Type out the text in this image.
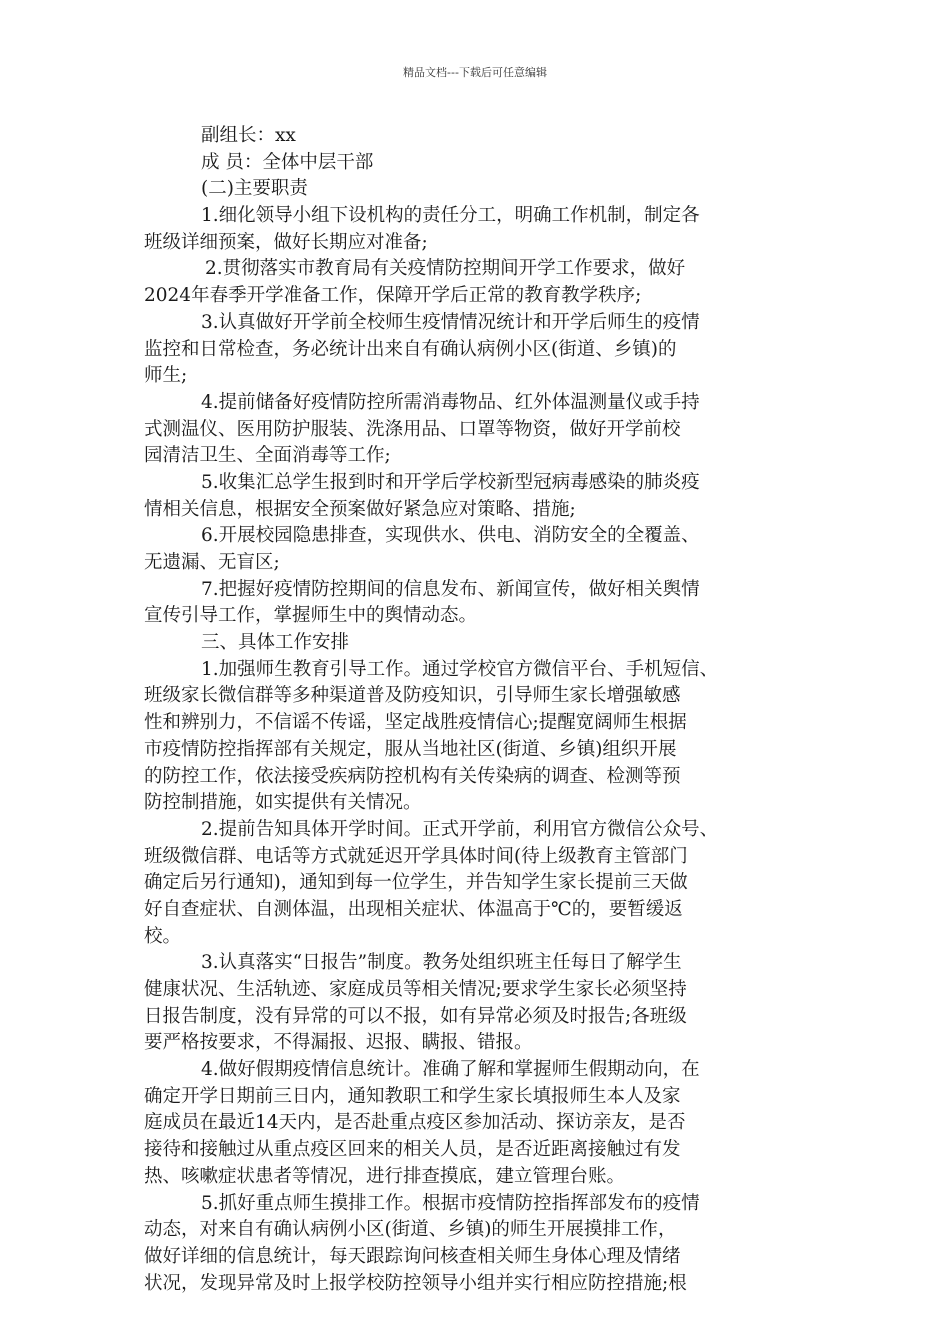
精品文档---下载后可任意编辑
副组长：xx
成 员：全体中层干部
(二)主要职责
1.细化领导小组下设机构的责任分工，明确工作机制，制定各
班级详细预案，做好长期应对准备;
2.贯彻落实市教育局有关疫情防控期间开学工作要求，做好
2024年春季开学准备工作，保障开学后正常的教育教学秩序;
3.认真做好开学前全校师生疫情情况统计和开学后师生的疫情
监控和日常检查，务必统计出来自有确认病例小区(街道、乡镇)的
师生;
4.提前储备好疫情防控所需消毒物品、红外体温测量仪或手持
式测温仪、医用防护服装、洗涤用品、口罩等物资，做好开学前校
园清洁卫生、全面消毒等工作;
5.收集汇总学生报到时和开学后学校新型冠病毒感染的肺炎疫
情相关信息，根据安全预案做好紧急应对策略、措施;
6.开展校园隐患排查，实现供水、供电、消防安全的全覆盖、
无遗漏、无盲区;
7.把握好疫情防控期间的信息发布、新闻宣传，做好相关舆情
宣传引导工作，掌握师生中的舆情动态。
三、具体工作安排
1.加强师生教育引导工作。通过学校官方微信平台、手机短信、
班级家长微信群等多种渠道普及防疫知识，引导师生家长增强敏感
性和辨别力，不信谣不传谣，坚定战胜疫情信心;提醒宽阔师生根据
市疫情防控指挥部有关规定，服从当地社区(街道、乡镇)组织开展
的防控工作，依法接受疾病防控机构有关传染病的调查、检测等预
防控制措施，如实提供有关情况。
2.提前告知具体开学时间。正式开学前，利用官方微信公众号、
班级微信群、电话等方式就延迟开学具体时间(待上级教育主管部门
确定后另行通知)，通知到每一位学生，并告知学生家长提前三天做
好自查症状、自测体温，出现相关症状、体温高于℃的，要暂缓返
校。
3.认真落实“日报告”制度。教务处组织班主任每日了解学生
健康状况、生活轨迹、家庭成员等相关情况;要求学生家长必须坚持
日报告制度，没有异常的可以不报，如有异常必须及时报告;各班级
要严格按要求，不得漏报、迟报、瞒报、错报。
4.做好假期疫情信息统计。准确了解和掌握师生假期动向，在
确定开学日期前三日内，通知教职工和学生家长填报师生本人及家
庭成员在最近14天内，是否赴重点疫区参加活动、探访亲友，是否
接待和接触过从重点疫区回来的相关人员，是否近距离接触过有发
热、咳嗽症状患者等情况，进行排查摸底，建立管理台账。
5.抓好重点师生摸排工作。根据市疫情防控指挥部发布的疫情
动态，对来自有确认病例小区(街道、乡镇)的师生开展摸排工作，
做好详细的信息统计，每天跟踪询问核查相关师生身体心理及情绪
状况，发现异常及时上报学校防控领导小组并实行相应防控措施;根
